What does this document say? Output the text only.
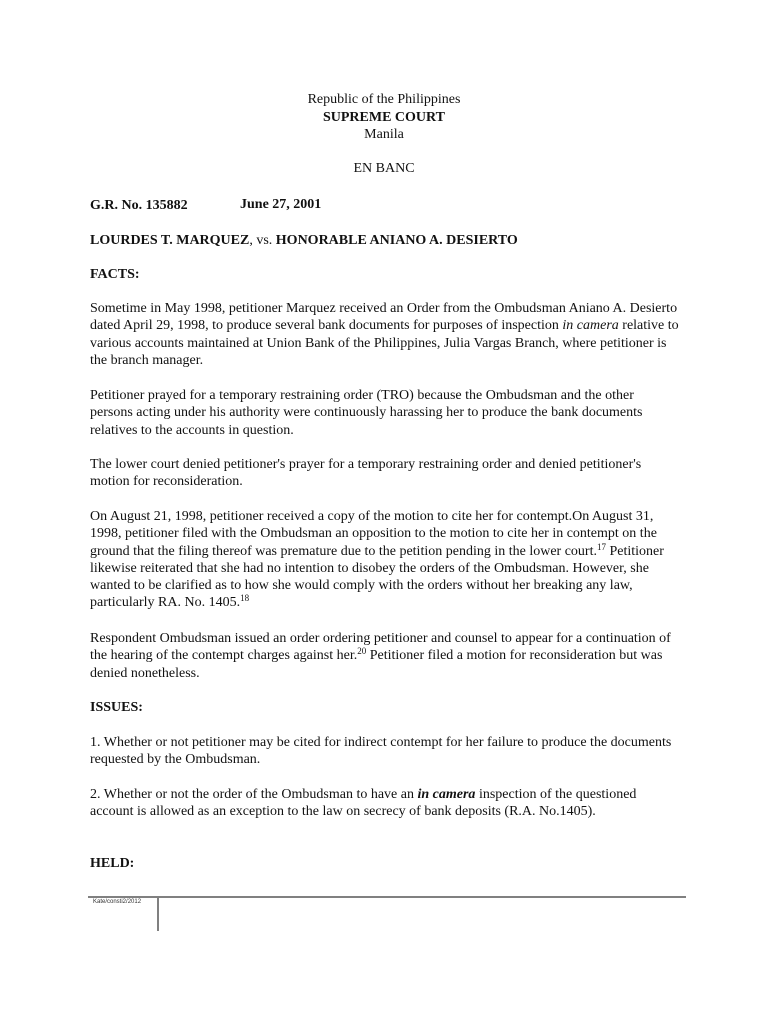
Republic of the Philippines

SUPREME COURT

Manila

EN BANC

G.R. No. 135882	June 27, 2001

LOURDES T. MARQUEZ, vs. HONORABLE ANIANO A. DESIERTO

FACTS:

Sometime in May 1998, petitioner Marquez received an Order from the Ombudsman Aniano A. Desierto dated April 29, 1998, to produce several bank documents for purposes of inspection in camera relative to various accounts maintained at Union Bank of the Philippines, Julia Vargas Branch, where petitioner is the branch manager.

Petitioner prayed for a temporary restraining order (TRO) because the Ombudsman and the other persons acting under his authority were continuously harassing her to produce the bank documents relatives to the accounts in question.

The lower court denied petitioner's prayer for a temporary restraining order and denied petitioner's motion for reconsideration.

On August 21, 1998, petitioner received a copy of the motion to cite her for contempt.On August 31, 1998, petitioner filed with the Ombudsman an opposition to the motion to cite her in contempt on the ground that the filing thereof was premature due to the petition pending in the lower court.$^{17}$ Petitioner likewise reiterated that she had no intention to disobey the orders of the Ombudsman. However, she wanted to be clarified as to how she would comply with the orders without her breaking any law, particularly RA. No. 1405.18

Respondent Ombudsman issued an order ordering petitioner and counsel to appear for a continuation of the hearing of the contempt charges against her.$^{20}$ Petitioner filed a motion for reconsideration but was denied nonetheless.

ISSUES:

1. Whether or not petitioner may be cited for indirect contempt for her failure to produce the documents requested by the Ombudsman.

2. Whether or not the order of the Ombudsman to have an in camera inspection of the questioned account is allowed as an exception to the law on secrecy of bank deposits (R.A. No.1405).

HELD:

Kate/consti2/2012
